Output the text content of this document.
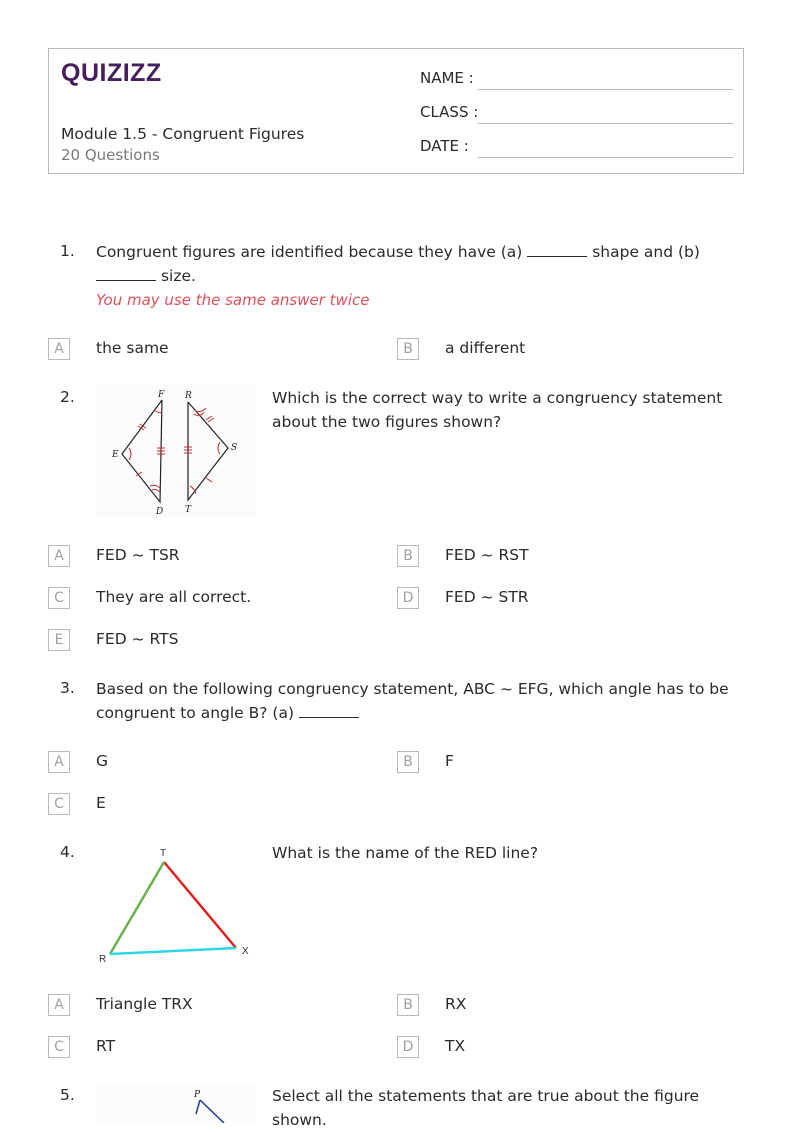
QUIZIZZ
Module 1.5 - Congruent Figures
20 Questions
NAME :
CLASS :
DATE :
1. Congruent figures are identified because they have (a)	shape and (b)  size.
You may use the same answer twice
A	the same	B	a different
2.	F
E
D
R
S
T
Which is the correct way to write a congruency statement about the two figures shown?
A	FED ~ TSR	B	FED ~ RST
C	They are all correct.	D	FED ~ STR
E	FED ~ RTS
3. Based on the following congruency statement, ABC ~ EFG, which angle has to be congruent to angle B? (a)
A	G	B	F
C	E
4.	T
R
X
What is the name of the RED line?
A	Triangle TRX	B	RX
C	RT	D	TX
5.	P	Select all the statements that are true about the figure shown.
